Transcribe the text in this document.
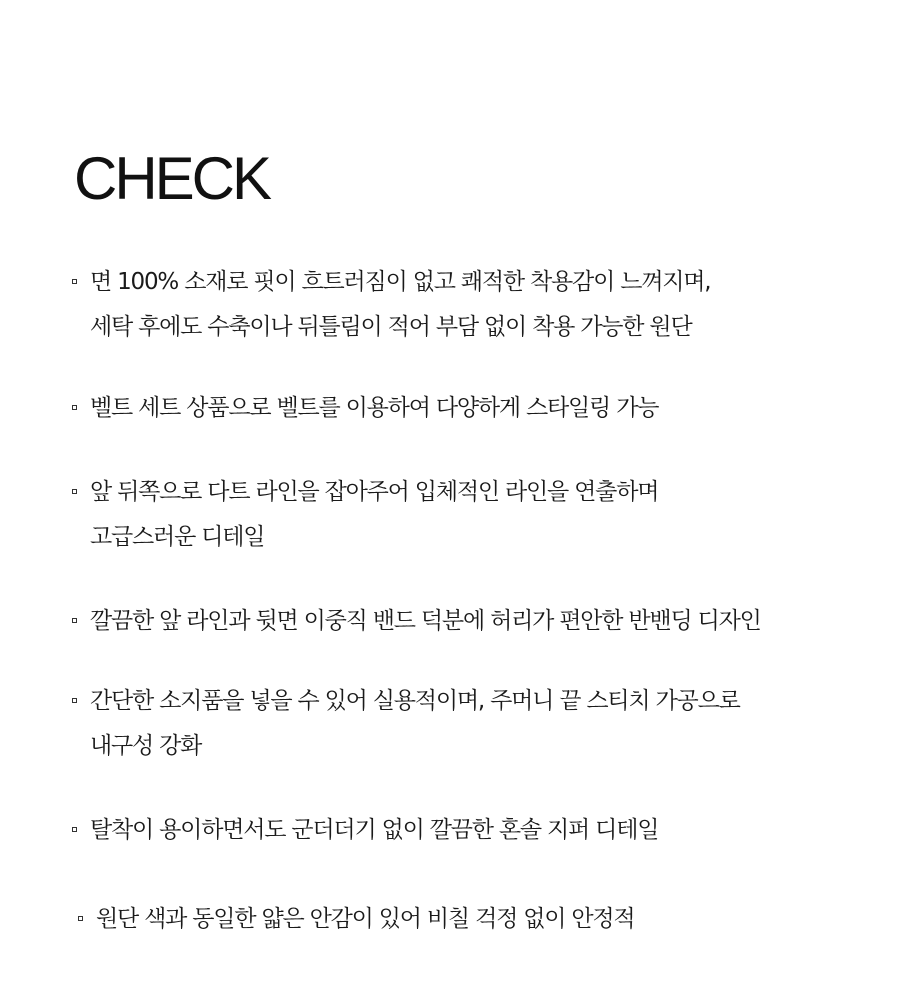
CHECK
면 100% 소재로 핏이 흐트러짐이 없고 쾌적한 착용감이 느껴지며,
세탁 후에도 수축이나 뒤틀림이 적어 부담 없이 착용 가능한 원단
벨트 세트 상품으로 벨트를 이용하여 다양하게 스타일링 가능
앞 뒤쪽으로 다트 라인을 잡아주어 입체적인 라인을 연출하며
고급스러운 디테일
깔끔한 앞 라인과 뒷면 이중직 밴드 덕분에 허리가 편안한 반밴딩 디자인
간단한 소지품을 넣을 수 있어 실용적이며, 주머니 끝 스티치 가공으로
내구성 강화
탈착이 용이하면서도 군더더기 없이 깔끔한 혼솔 지퍼 디테일
원단 색과 동일한 얇은 안감이 있어 비칠 걱정 없이 안정적
